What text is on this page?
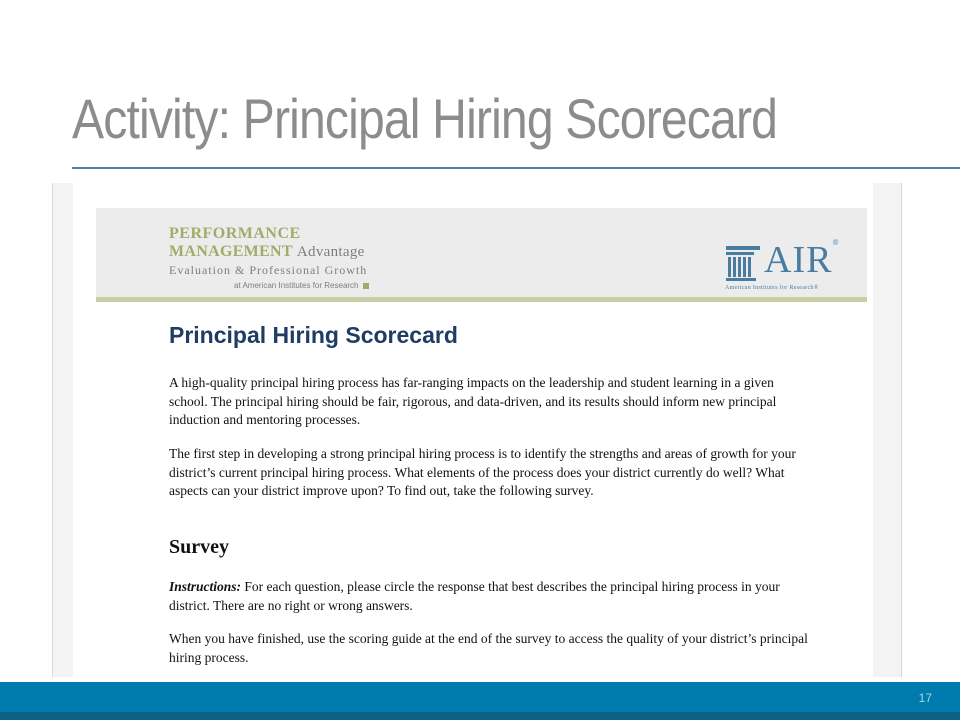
Activity: Principal Hiring Scorecard
PERFORMANCE
MANAGEMENT Advantage
Evaluation & Professional Growth
at American Institutes for Research
AIR®
American Institutes for Research®
Principal Hiring Scorecard

A high-quality principal hiring process has far-ranging impacts on the leadership and student learning in a given school. The principal hiring should be fair, rigorous, and data-driven, and its results should inform new principal induction and mentoring processes.

The first step in developing a strong principal hiring process is to identify the strengths and areas of growth for your district’s current principal hiring process. What elements of the process does your district currently do well? What aspects can your district improve upon? To find out, take the following survey.

Survey

Instructions: For each question, please circle the response that best describes the principal hiring process in your district. There are no right or wrong answers.

When you have finished, use the scoring guide at the end of the survey to access the quality of your district’s principal hiring process.

17
